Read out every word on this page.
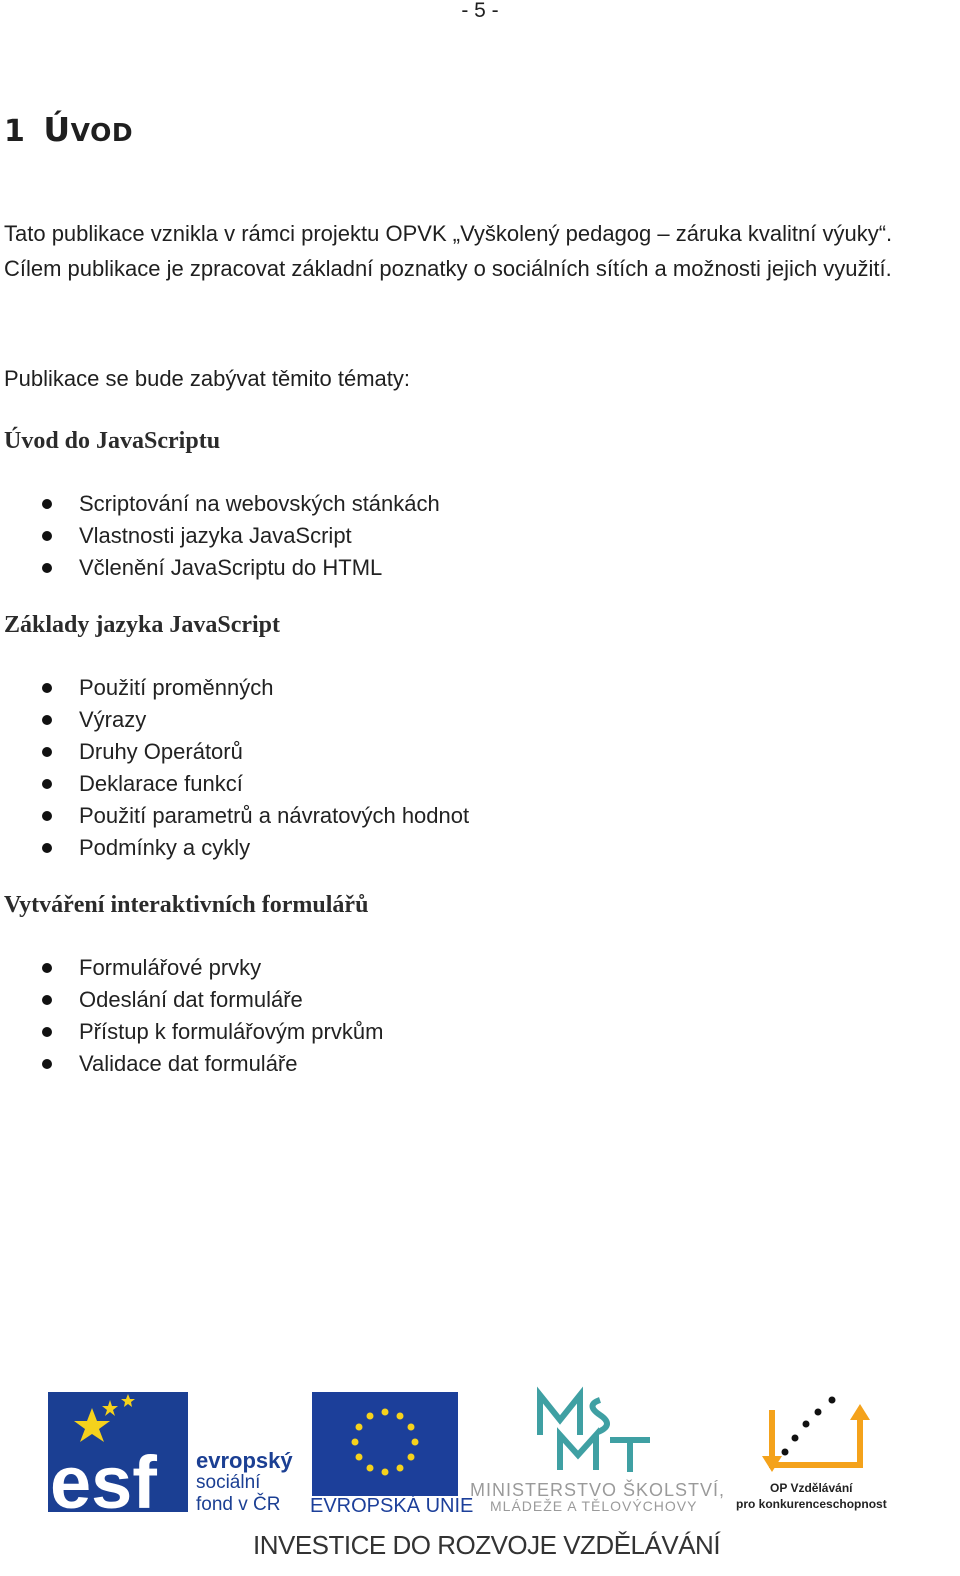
- 5 -
1 ÚVOD

Tato publikace vznikla v rámci projektu OPVK „Vyškolený pedagog – záruka kvalitní výuky“.

Cílem publikace je zpracovat základní poznatky o sociálních sítích a možnosti jejich využití.

Publikace se bude zabývat těmito tématy:

Úvod do JavaScriptu
Scriptování na webovských stánkách
Vlastnosti jazyka JavaScript
Včlenění JavaScriptu do HTML
Základy jazyka JavaScript
Použití proměnných
Výrazy
Druhy Operátorů
Deklarace funkcí
Použití parametrů a návratových hodnot
Podmínky a cykly
Vytváření interaktivních formulářů
Formulářové prvky
Odeslání dat formuláře
Přístup k formulářovým prvkům
Validace dat formuláře
esf evropský
sociální
fond v ČR EVROPSKÁ UNIE
MINISTERSTVO ŠKOLSTVÍ,
MLÁDEŽE A TĚLOVÝCHOVY
OP Vzdělávání
pro konkurenceschopnost
INVESTICE DO ROZVOJE VZDĚLÁVÁNÍ
